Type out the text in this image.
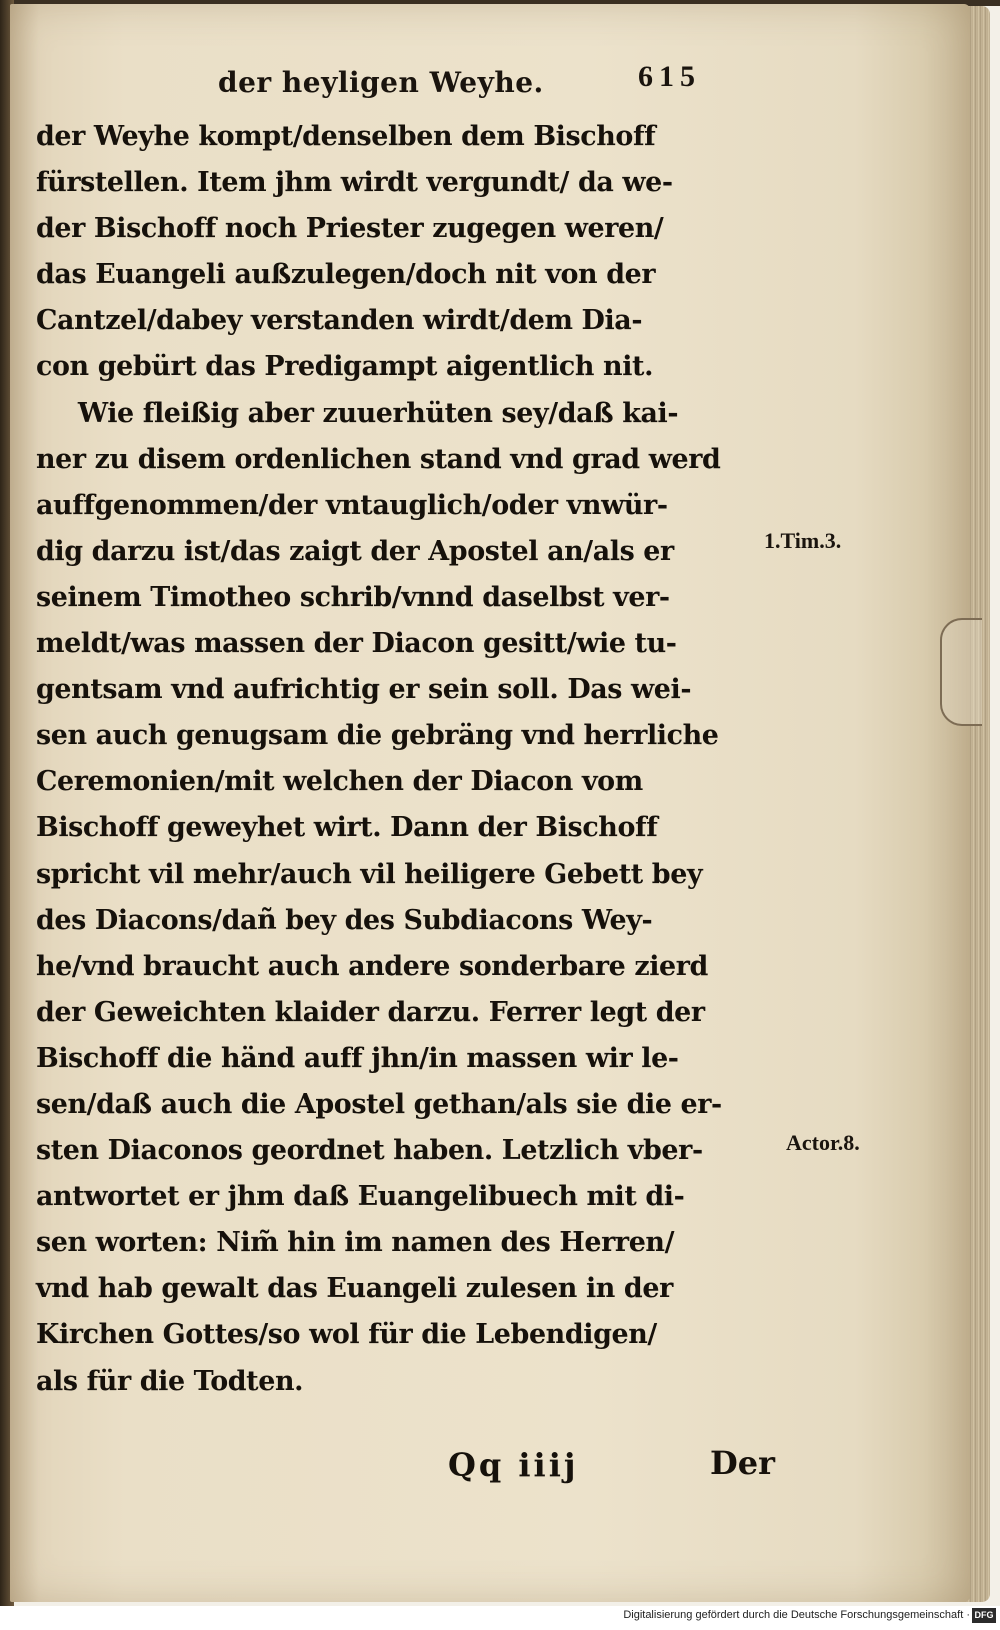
der heyligen Weyhe.	615
der Weyhe kompt/denselben dem Bischoff
fürstellen. Item jhm wirdt vergundt/ da we-
der Bischoff noch Priester zugegen weren/
das Euangeli außzulegen/doch nit von der
Cantzel/dabey verstanden wirdt/dem Dia-
con gebürt das Predigampt aigentlich nit.
Wie fleißig aber zuuerhüten sey/daß kai-
ner zu disem ordenlichen stand vnd grad werd
auffgenommen/der vntauglich/oder vnwür-
dig darzu ist/das zaigt der Apostel an/als er
seinem Timotheo schrib/vnnd daselbst ver-
meldt/was massen der Diacon gesitt/wie tu-
gentsam vnd aufrichtig er sein soll. Das wei-
sen auch genugsam die gebräng vnd herrliche
Ceremonien/mit welchen der Diacon vom
Bischoff geweyhet wirt. Dann der Bischoff
spricht vil mehr/auch vil heiligere Gebett bey
des Diacons/dañ bey des Subdiacons Wey-
he/vnd braucht auch andere sonderbare zierd
der Geweichten klaider darzu. Ferrer legt der
Bischoff die händ auff jhn/in massen wir le-
sen/daß auch die Apostel gethan/als sie die er-
sten Diaconos geordnet haben. Letzlich vber-
antwortet er jhm daß Euangelibuech mit di-
sen worten: Nim̃ hin im namen des Herren/
vnd hab gewalt das Euangeli zulesen in der
Kirchen Gottes/so wol für die Lebendigen/
als für die Todten.
1.Tim.3.
Actor.8.
Qq iiij	Der
Digitalisierung gefördert durch die Deutsche Forschungsgemeinschaft · DFG
